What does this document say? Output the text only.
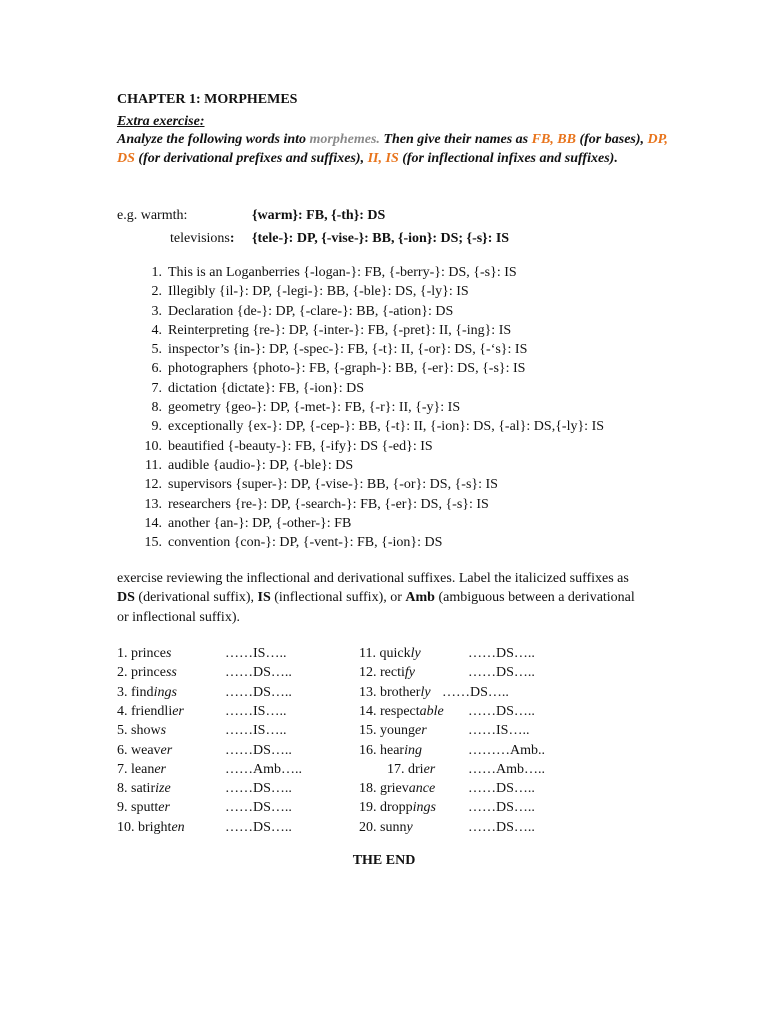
CHAPTER 1: MORPHEMES
Extra exercise:
Analyze the following words into morphemes. Then give their names as FB, BB (for bases), DP, DS (for derivational prefixes and suffixes), II, IS (for inflectional infixes and suffixes).
e.g. warmth:	{warm}: FB, {-th}: DS
televisions: {tele-}: DP, {-vise-}: BB, {-ion}: DS; {-s}: IS
1. This is an Loganberries {-logan-}: FB, {-berry-}: DS, {-s}: IS
2. Illegibly {il-}: DP, {-legi-}: BB, {-ble}: DS, {-ly}: IS
3. Declaration {de-}: DP, {-clare-}: BB, {-ation}: DS
4. Reinterpreting {re-}: DP, {-inter-}: FB, {-pret}: II, {-ing}: IS
5. inspector’s {in-}: DP, {-spec-}: FB, {-t}: II, {-or}: DS, {-‘s}: IS
6. photographers {photo-}: FB, {-graph-}: BB, {-er}: DS, {-s}: IS
7. dictation {dictate}: FB, {-ion}: DS
8. geometry {geo-}: DP, {-met-}: FB, {-r}: II, {-y}: IS
9. exceptionally {ex-}: DP, {-cep-}: BB, {-t}: II, {-ion}: DS, {-al}: DS,{-ly}: IS
10. beautified {-beauty-}: FB, {-ify}: DS {-ed}: IS
11. audible {audio-}: DP, {-ble}: DS
12. supervisors {super-}: DP, {-vise-}: BB, {-or}: DS, {-s}: IS
13. researchers {re-}: DP, {-search-}: FB, {-er}: DS, {-s}: IS
14. another {an-}: DP, {-other-}: FB
15. convention {con-}: DP, {-vent-}: FB, {-ion}: DS
exercise reviewing the inflectional and derivational suffixes. Label the italicized suffixes as DS (derivational suffix), IS (inflectional suffix), or Amb (ambiguous between a derivational or inflectional suffix).
1. princes	……IS…..
2. princess	……DS…..
3. findings	……DS…..
4. friendlier	……IS…..
5. shows	……IS…..
6. weaver	……DS…..
7. leaner	……Amb…..
8. satirize	……DS…..
9. sputter	……DS…..
10. brighten	……DS…..
11. quickly	……DS…..
12. rectify	……DS…..
13. brotherly ……DS…..
14. respectable ……DS…..
15. younger	……IS…..
16. hearing	………Amb..
17. drier ……Amb…..
18. grievance ……DS…..
19. droppings ……DS…..
20. sunny	……DS…..
THE END
